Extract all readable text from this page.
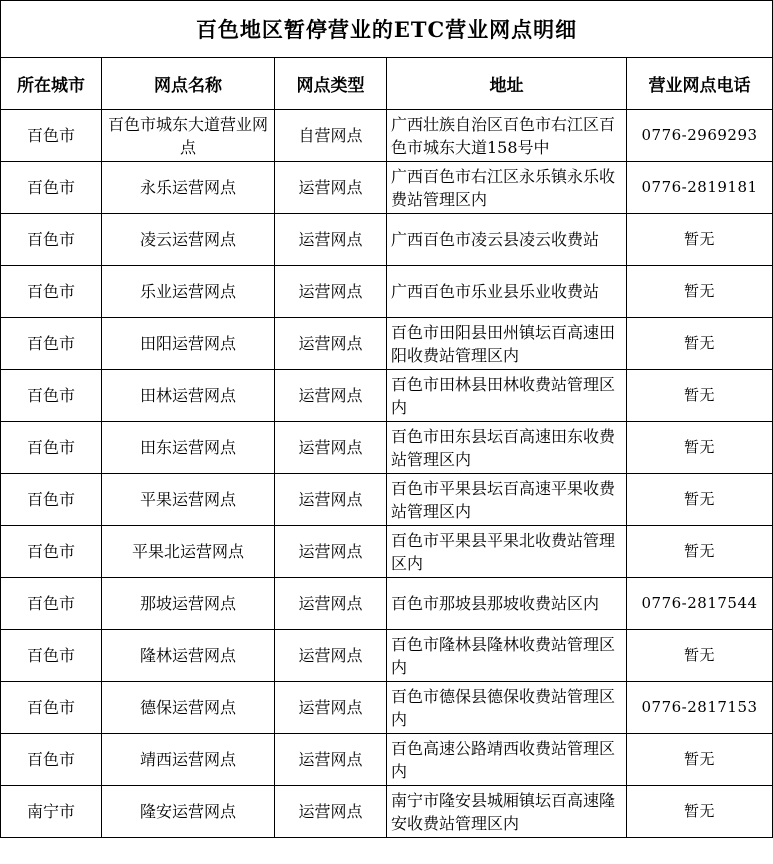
百色地区暂停营业的ETC营业网点明细				
所在城市	网点名称	网点类型	地址	营业网点电话
百色市	百色市城东大道营业网点	自营网点	广西壮族自治区百色市右江区百色市城东大道158号中	0776-2969293
百色市	永乐运营网点	运营网点	广西百色市右江区永乐镇永乐收费站管理区内	0776-2819181
百色市	凌云运营网点	运营网点	广西百色市凌云县凌云收费站	暂无
百色市	乐业运营网点	运营网点	广西百色市乐业县乐业收费站	暂无
百色市	田阳运营网点	运营网点	百色市田阳县田州镇坛百高速田阳收费站管理区内	暂无
百色市	田林运营网点	运营网点	百色市田林县田林收费站管理区内	暂无
百色市	田东运营网点	运营网点	百色市田东县坛百高速田东收费站管理区内	暂无
百色市	平果运营网点	运营网点	百色市平果县坛百高速平果收费站管理区内	暂无
百色市	平果北运营网点	运营网点	百色市平果县平果北收费站管理区内	暂无
百色市	那坡运营网点	运营网点	百色市那坡县那坡收费站区内	0776-2817544
百色市	隆林运营网点	运营网点	百色市隆林县隆林收费站管理区内	暂无
百色市	德保运营网点	运营网点	百色市德保县德保收费站管理区内	0776-2817153
百色市	靖西运营网点	运营网点	百色高速公路靖西收费站管理区内	暂无
南宁市	隆安运营网点	运营网点	南宁市隆安县城厢镇坛百高速隆安收费站管理区内	暂无
